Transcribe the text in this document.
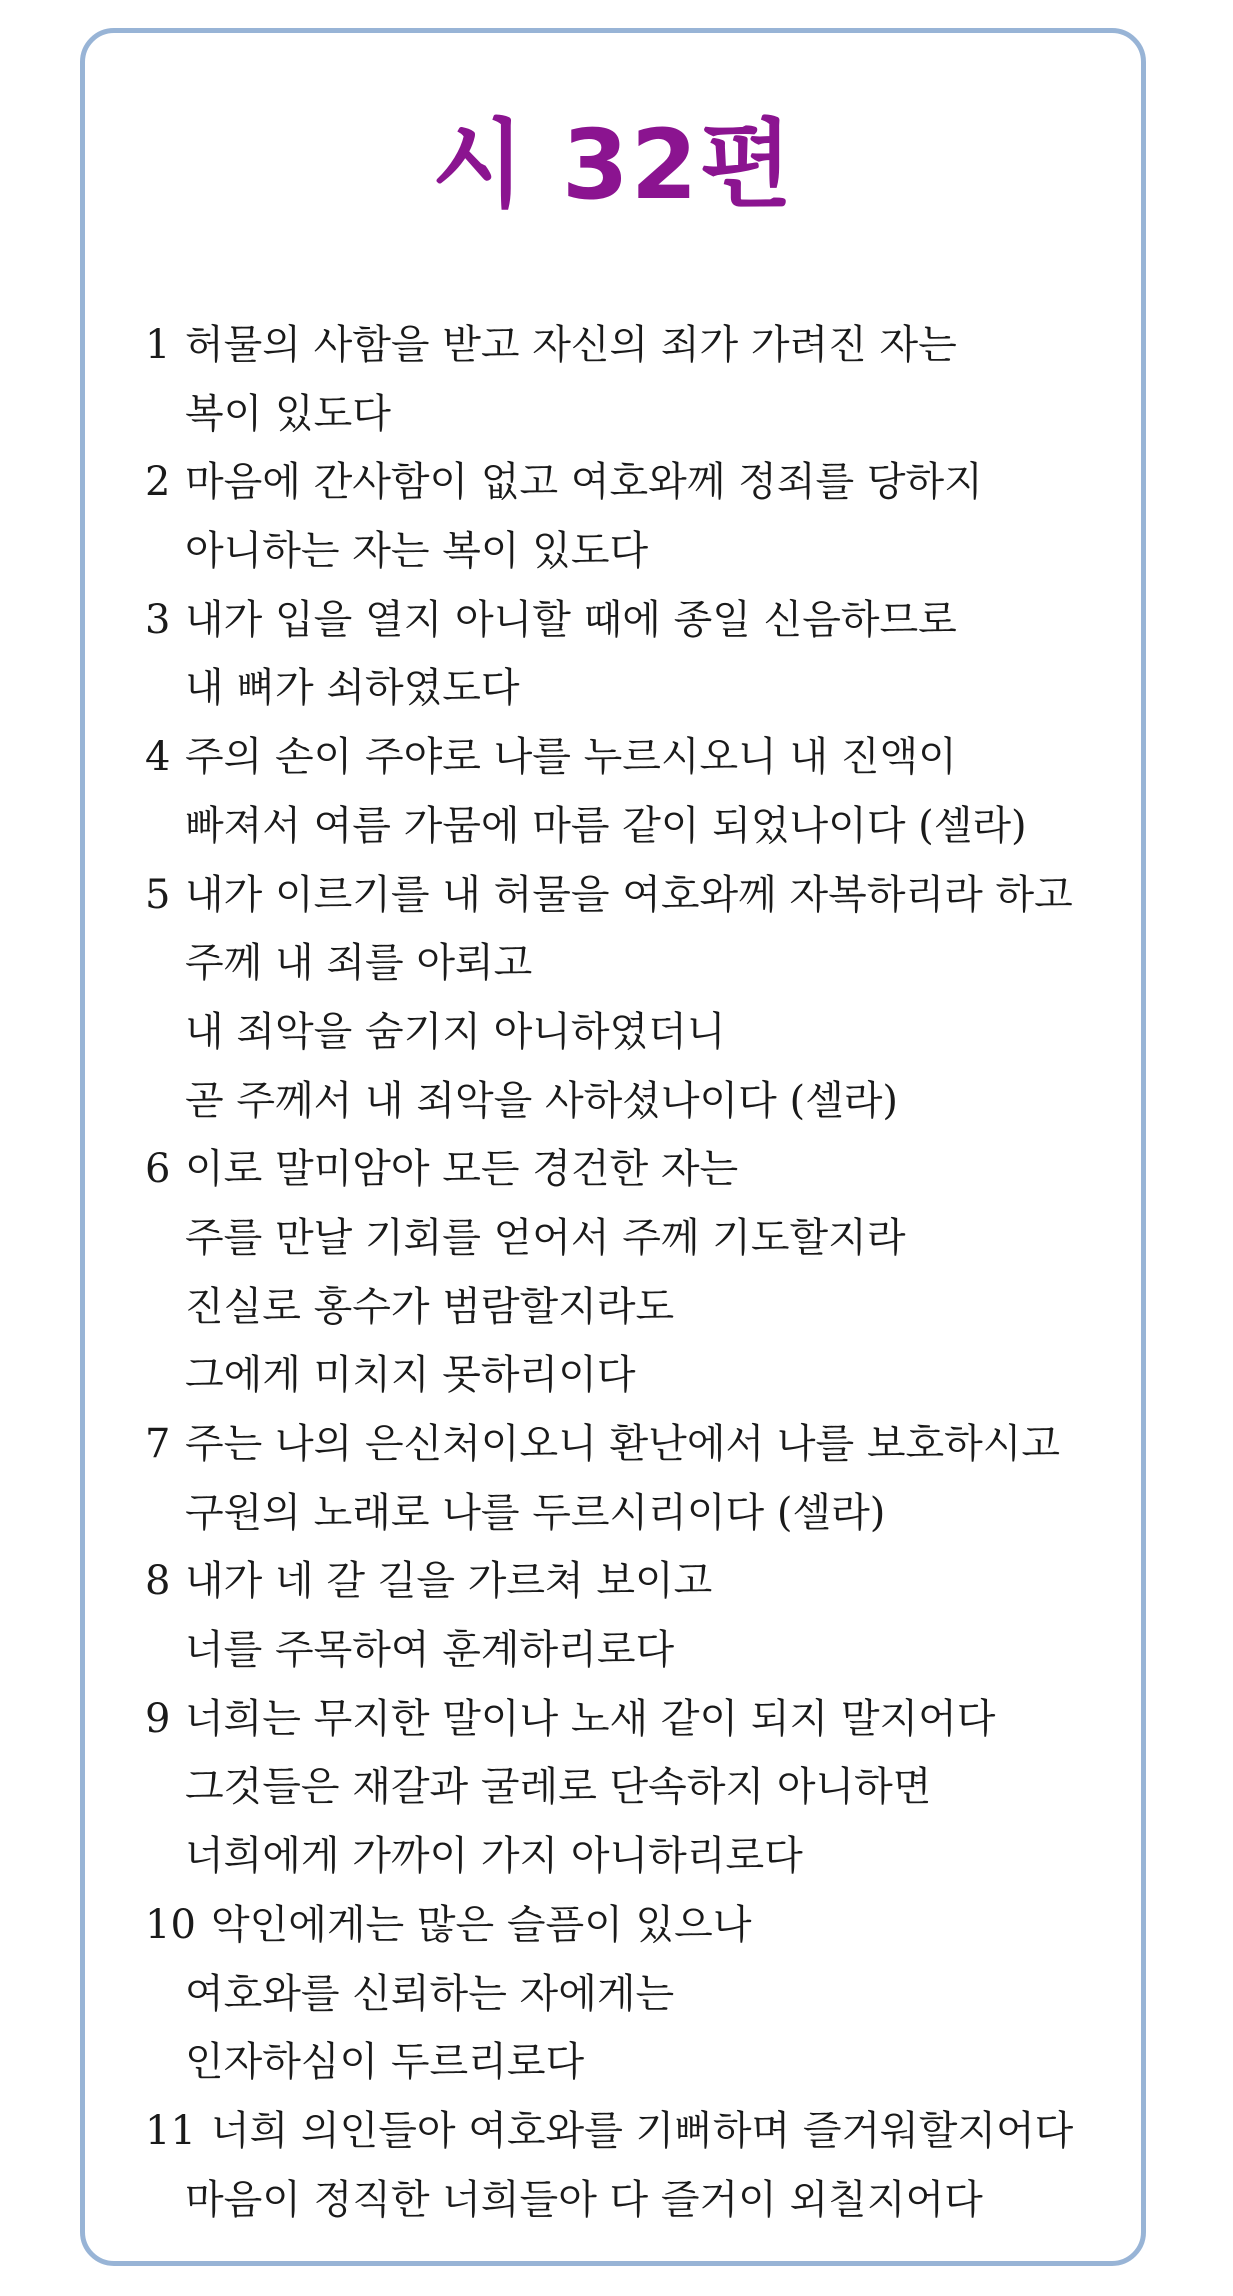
시 32편
1 허물의 사함을 받고 자신의 죄가 가려진 자는
복이 있도다
2 마음에 간사함이 없고 여호와께 정죄를 당하지
아니하는 자는 복이 있도다
3 내가 입을 열지 아니할 때에 종일 신음하므로
내 뼈가 쇠하였도다
4 주의 손이 주야로 나를 누르시오니 내 진액이
빠져서 여름 가뭄에 마름 같이 되었나이다 (셀라)
5 내가 이르기를 내 허물을 여호와께 자복하리라 하고
주께 내 죄를 아뢰고
내 죄악을 숨기지 아니하였더니
곧 주께서 내 죄악을 사하셨나이다 (셀라)
6 이로 말미암아 모든 경건한 자는
주를 만날 기회를 얻어서 주께 기도할지라
진실로 홍수가 범람할지라도
그에게 미치지 못하리이다
7 주는 나의 은신처이오니 환난에서 나를 보호하시고
구원의 노래로 나를 두르시리이다 (셀라)
8 내가 네 갈 길을 가르쳐 보이고
너를 주목하여 훈계하리로다
9 너희는 무지한 말이나 노새 같이 되지 말지어다
그것들은 재갈과 굴레로 단속하지 아니하면
너희에게 가까이 가지 아니하리로다
10 악인에게는 많은 슬픔이 있으나
여호와를 신뢰하는 자에게는
인자하심이 두르리로다
11 너희 의인들아 여호와를 기뻐하며 즐거워할지어다
마음이 정직한 너희들아 다 즐거이 외칠지어다
